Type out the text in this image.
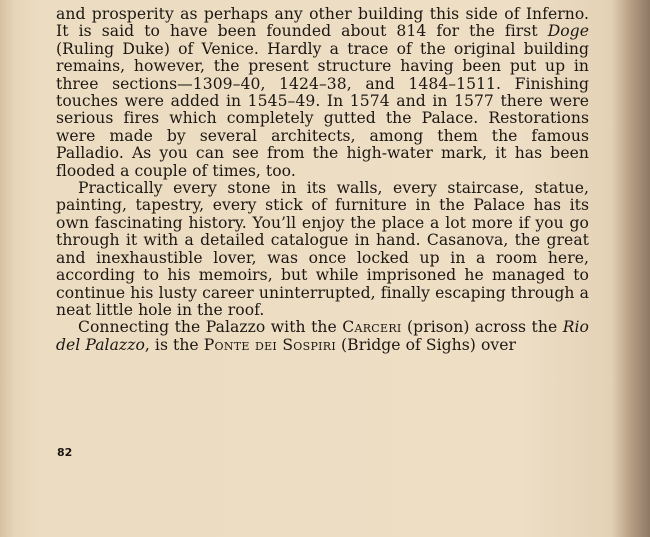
and prosperity as perhaps any other building this side of Inferno. It is said to have been founded about 814 for the first Doge (Ruling Duke) of Venice. Hardly a trace of the original building remains, however, the present structure having been put up in three sections—1309–40, 1424–38, and 1484–1511. Finishing touches were added in 1545–49. In 1574 and in 1577 there were serious fires which completely gutted the Palace. Restorations were made by several architects, among them the famous Palladio. As you can see from the high-water mark, it has been flooded a couple of times, too.

Practically every stone in its walls, every staircase, statue, painting, tapestry, every stick of furniture in the Palace has its own fascinating history. You’ll enjoy the place a lot more if you go through it with a detailed catalogue in hand. Casanova, the great and inexhaustible lover, was once locked up in a room here, according to his memoirs, but while imprisoned he managed to continue his lusty career uninterrupted, finally escaping through a neat little hole in the roof.

Connecting the Palazzo with the Carceri (prison) across the Rio del Palazzo, is the Ponte dei Sospiri (Bridge of Sighs) over

82
